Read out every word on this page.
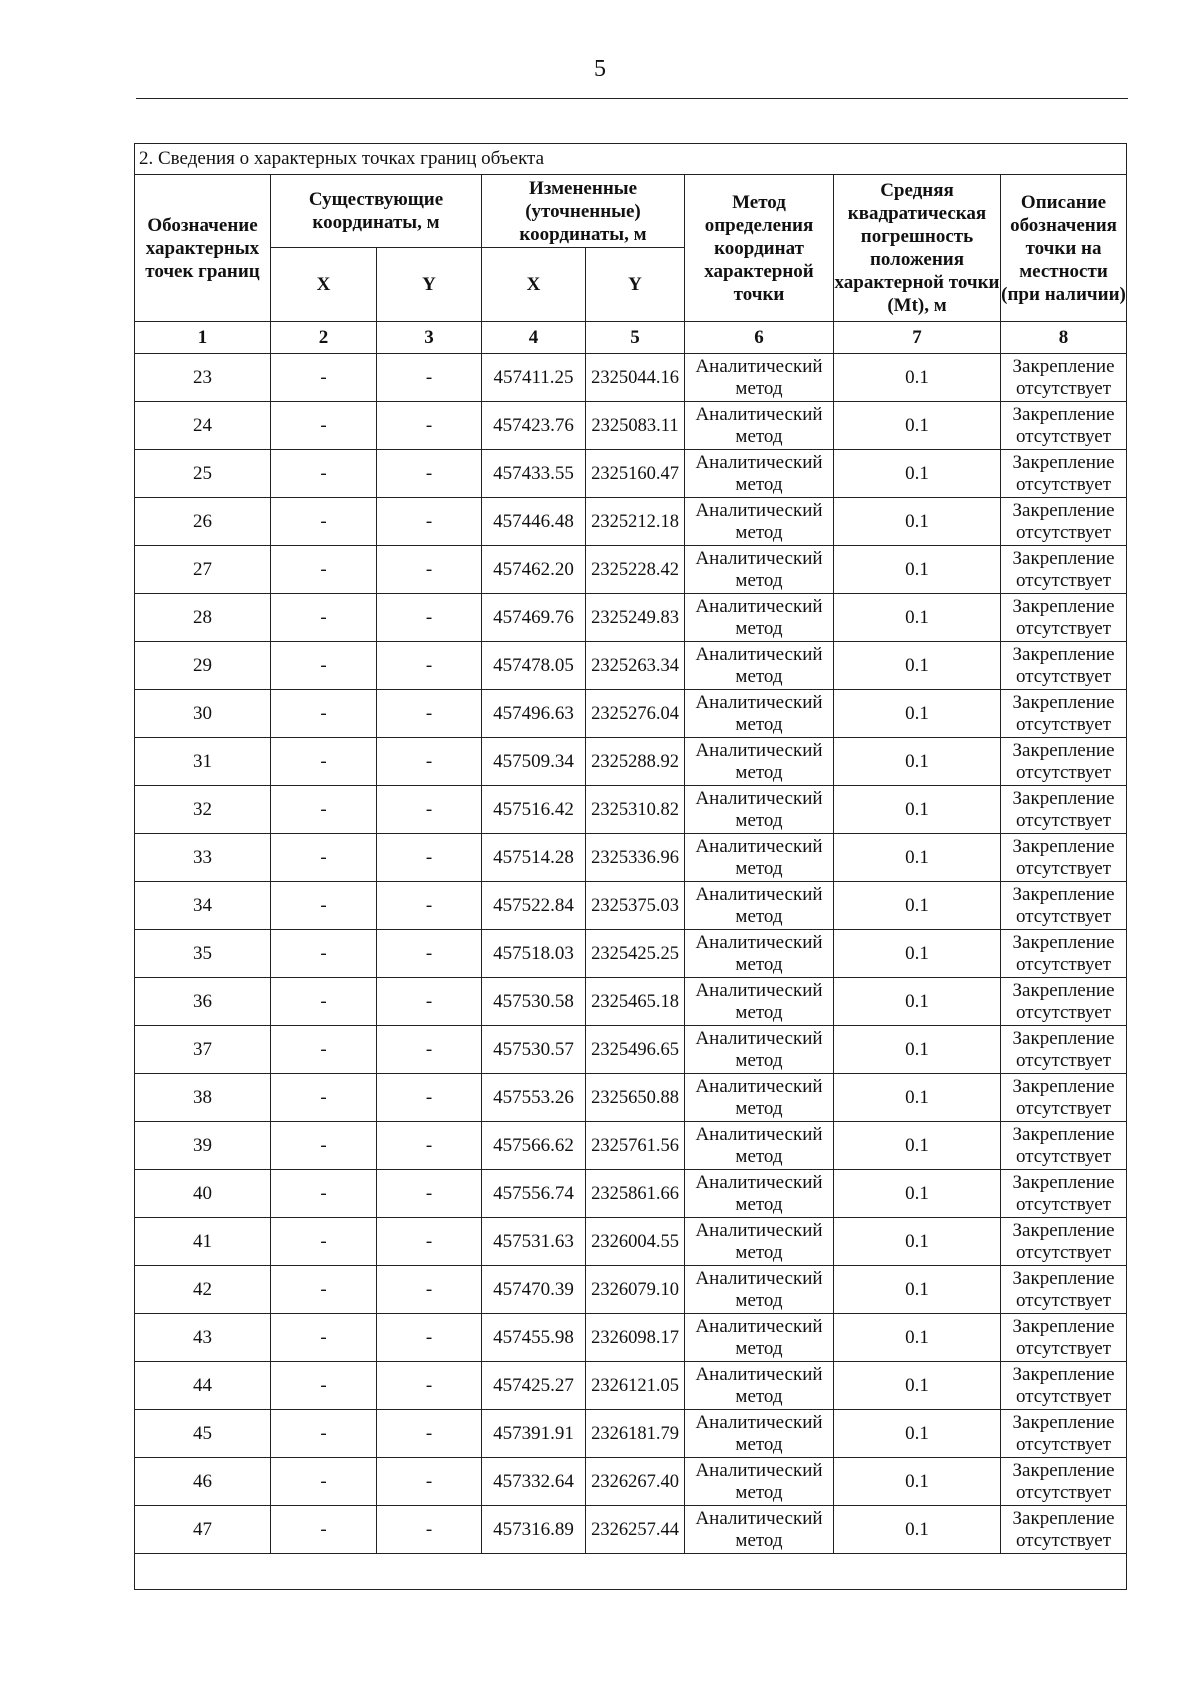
5
2. Сведения о характерных точках границ объекта							
Обозначение характерных точек границ	Существующие координаты, м		Измененные (уточненные) координаты, м		Метод определения координат характерной точки	Средняя квадратическая погрешность положения характерной точки (Mt), м	Описание обозначения точки на местности (при наличии)
	X	Y	X	Y			
1	2	3	4	5	6	7	8
23	-	-	457411.25	2325044.16	Аналитический метод	0.1	Закрепление отсутствует
24	-	-	457423.76	2325083.11	Аналитический метод	0.1	Закрепление отсутствует
25	-	-	457433.55	2325160.47	Аналитический метод	0.1	Закрепление отсутствует
26	-	-	457446.48	2325212.18	Аналитический метод	0.1	Закрепление отсутствует
27	-	-	457462.20	2325228.42	Аналитический метод	0.1	Закрепление отсутствует
28	-	-	457469.76	2325249.83	Аналитический метод	0.1	Закрепление отсутствует
29	-	-	457478.05	2325263.34	Аналитический метод	0.1	Закрепление отсутствует
30	-	-	457496.63	2325276.04	Аналитический метод	0.1	Закрепление отсутствует
31	-	-	457509.34	2325288.92	Аналитический метод	0.1	Закрепление отсутствует
32	-	-	457516.42	2325310.82	Аналитический метод	0.1	Закрепление отсутствует
33	-	-	457514.28	2325336.96	Аналитический метод	0.1	Закрепление отсутствует
34	-	-	457522.84	2325375.03	Аналитический метод	0.1	Закрепление отсутствует
35	-	-	457518.03	2325425.25	Аналитический метод	0.1	Закрепление отсутствует
36	-	-	457530.58	2325465.18	Аналитический метод	0.1	Закрепление отсутствует
37	-	-	457530.57	2325496.65	Аналитический метод	0.1	Закрепление отсутствует
38	-	-	457553.26	2325650.88	Аналитический метод	0.1	Закрепление отсутствует
39	-	-	457566.62	2325761.56	Аналитический метод	0.1	Закрепление отсутствует
40	-	-	457556.74	2325861.66	Аналитический метод	0.1	Закрепление отсутствует
41	-	-	457531.63	2326004.55	Аналитический метод	0.1	Закрепление отсутствует
42	-	-	457470.39	2326079.10	Аналитический метод	0.1	Закрепление отсутствует
43	-	-	457455.98	2326098.17	Аналитический метод	0.1	Закрепление отсутствует
44	-	-	457425.27	2326121.05	Аналитический метод	0.1	Закрепление отсутствует
45	-	-	457391.91	2326181.79	Аналитический метод	0.1	Закрепление отсутствует
46	-	-	457332.64	2326267.40	Аналитический метод	0.1	Закрепление отсутствует
47	-	-	457316.89	2326257.44	Аналитический метод	0.1	Закрепление отсутствует
